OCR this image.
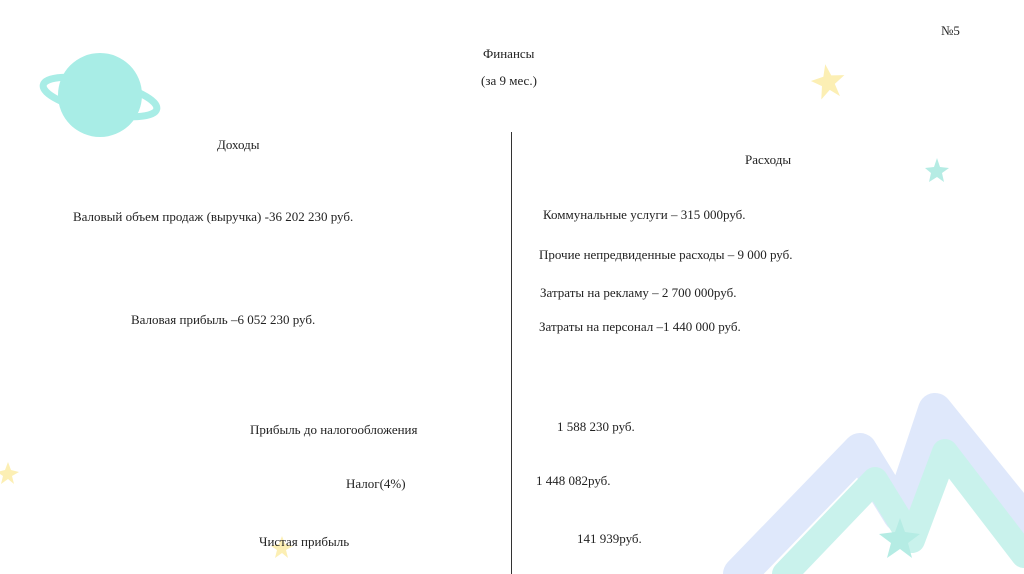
№5
Финансы
(за 9 мес.)
Доходы
Валовый объем продаж (выручка) -36 202 230 руб.
Валовая прибыль –6 052 230 руб.
Расходы
Коммунальные услуги – 315 000руб.
Прочие непредвиденные расходы – 9 000 руб.
Затраты на рекламу – 2 700 000руб.
Затраты на персонал –1 440 000 руб.
Прибыль до налогообложения	1 588 230 руб.
Налог(4%)	1 448 082руб.
Чистая прибыль	141 939руб.
